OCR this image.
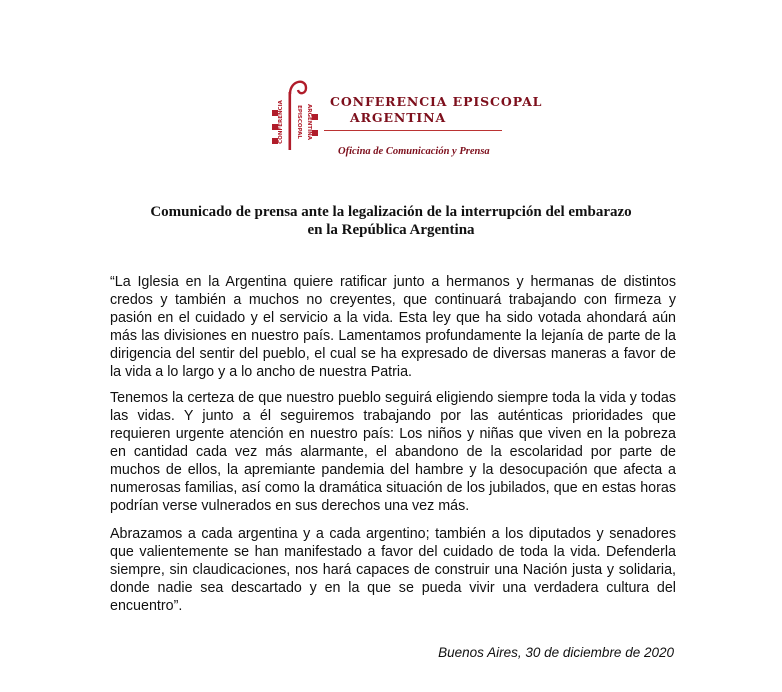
CONFERENCIA EPISCOPAL ARGENTINA
CONFERENCIA EPISCOPAL
ARGENTINA
Oficina de Comunicación y Prensa
Comunicado de prensa ante la legalización de la interrupción del embarazo
en la República Argentina

“La Iglesia en la Argentina quiere ratificar junto a hermanos y hermanas de distintos credos y también a muchos no creyentes, que continuará trabajando con firmeza y pasión en el cuidado y el servicio a la vida. Esta ley que ha sido votada ahondará aún más las divisiones en nuestro país. Lamentamos profundamente la lejanía de parte de la dirigencia del sentir del pueblo, el cual se ha expresado de diversas maneras a favor de la vida a lo largo y a lo ancho de nuestra Patria.

Tenemos la certeza de que nuestro pueblo seguirá eligiendo siempre toda la vida y todas las vidas. Y junto a él seguiremos trabajando por las auténticas prioridades que requieren urgente atención en nuestro país: Los niños y niñas que viven en la pobreza en cantidad cada vez más alarmante, el abandono de la escolaridad por parte de muchos de ellos, la apremiante pandemia del hambre y la desocupación que afecta a numerosas familias, así como la dramática situación de los jubilados, que en estas horas podrían verse vulnerados en sus derechos una vez más.

Abrazamos a cada argentina y a cada argentino; también a los diputados y senadores que valientemente se han manifestado a favor del cuidado de toda la vida. Defenderla siempre, sin claudicaciones, nos hará capaces de construir una Nación justa y solidaria, donde nadie sea descartado y en la que se pueda vivir una verdadera cultura del encuentro”.

Buenos Aires, 30 de diciembre de 2020
